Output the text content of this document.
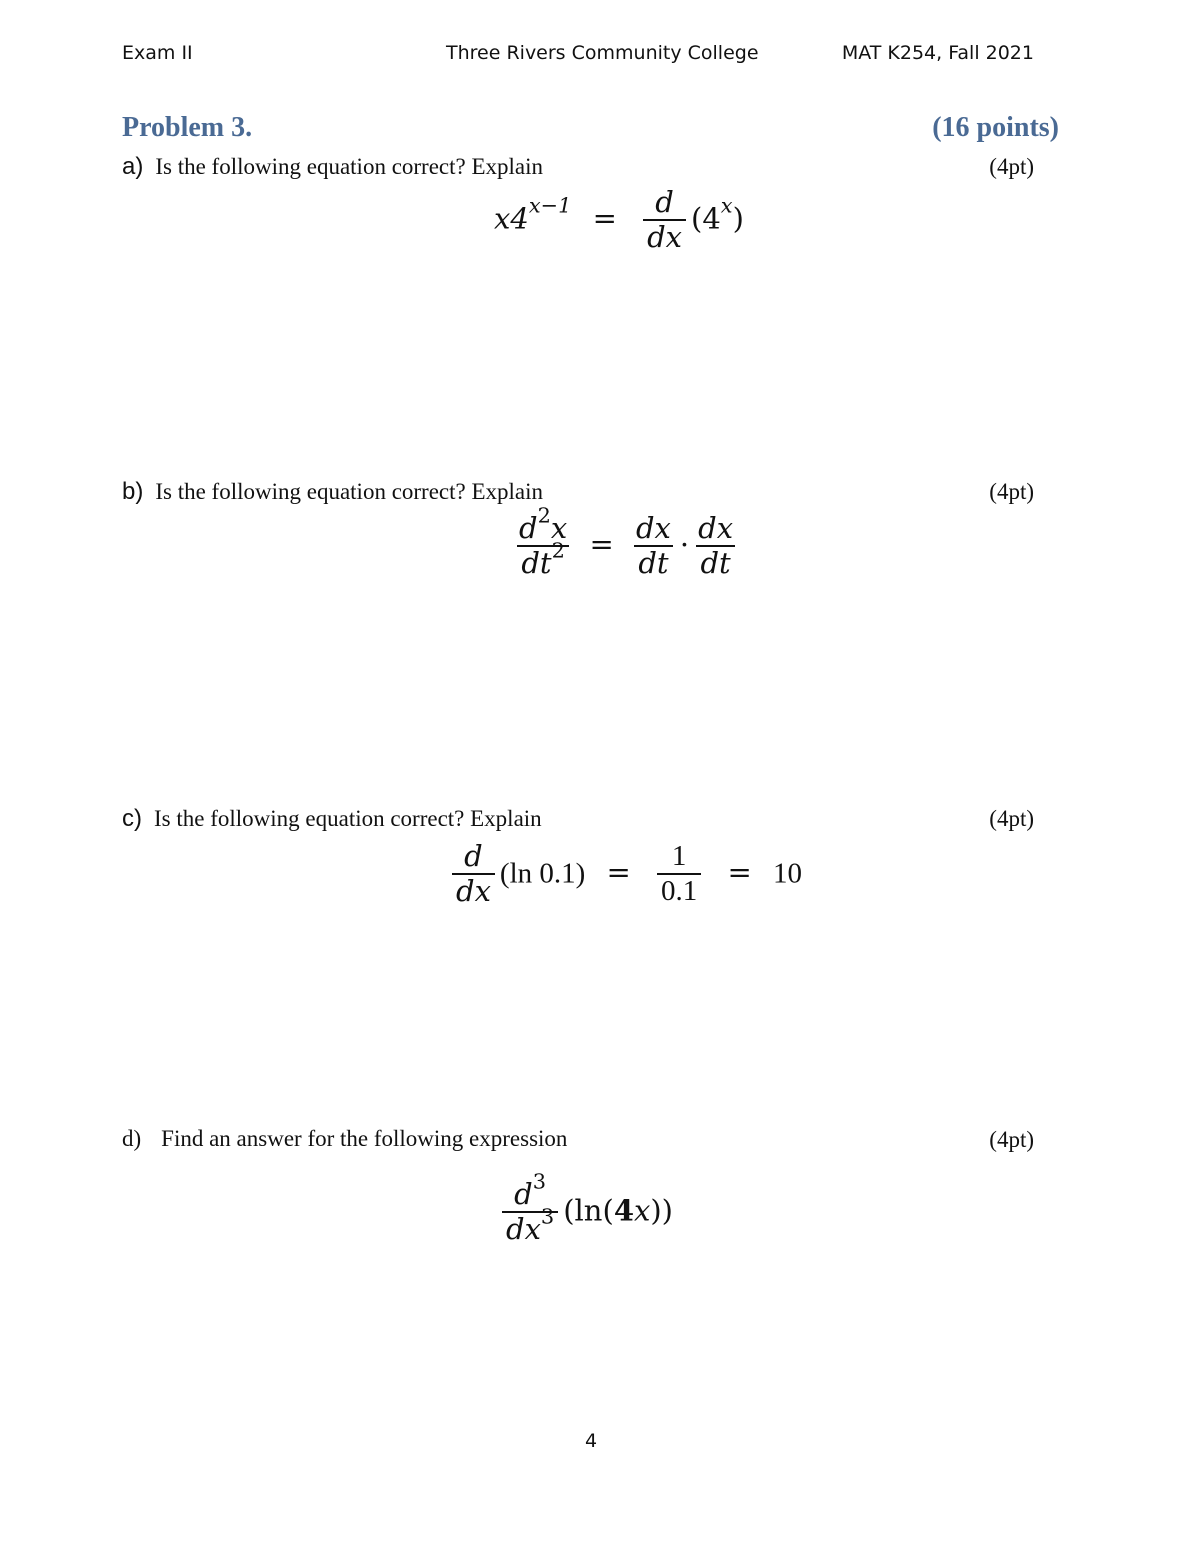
Exam II	Three Rivers Community College	MAT K254, Fall 2021
Problem 3.	(16 points)
a) Is the following equation correct? Explain	(4pt)
$x4^{x-1} = \frac{d}{dx} (4^x)$
b) Is the following equation correct? Explain	(4pt)
$\frac{d^2x}{dt^2} = \frac{dx}{dt} \cdot \frac{dx}{dt}$
c) Is the following equation correct? Explain	(4pt)
$\frac{d}{dx} (\ln$ $0.1) = \frac{1}{0.1} = 10$
d) Find an answer for the following expression	(4pt)
$\frac{d^3}{dx^3} (\ln(4x))$
4
